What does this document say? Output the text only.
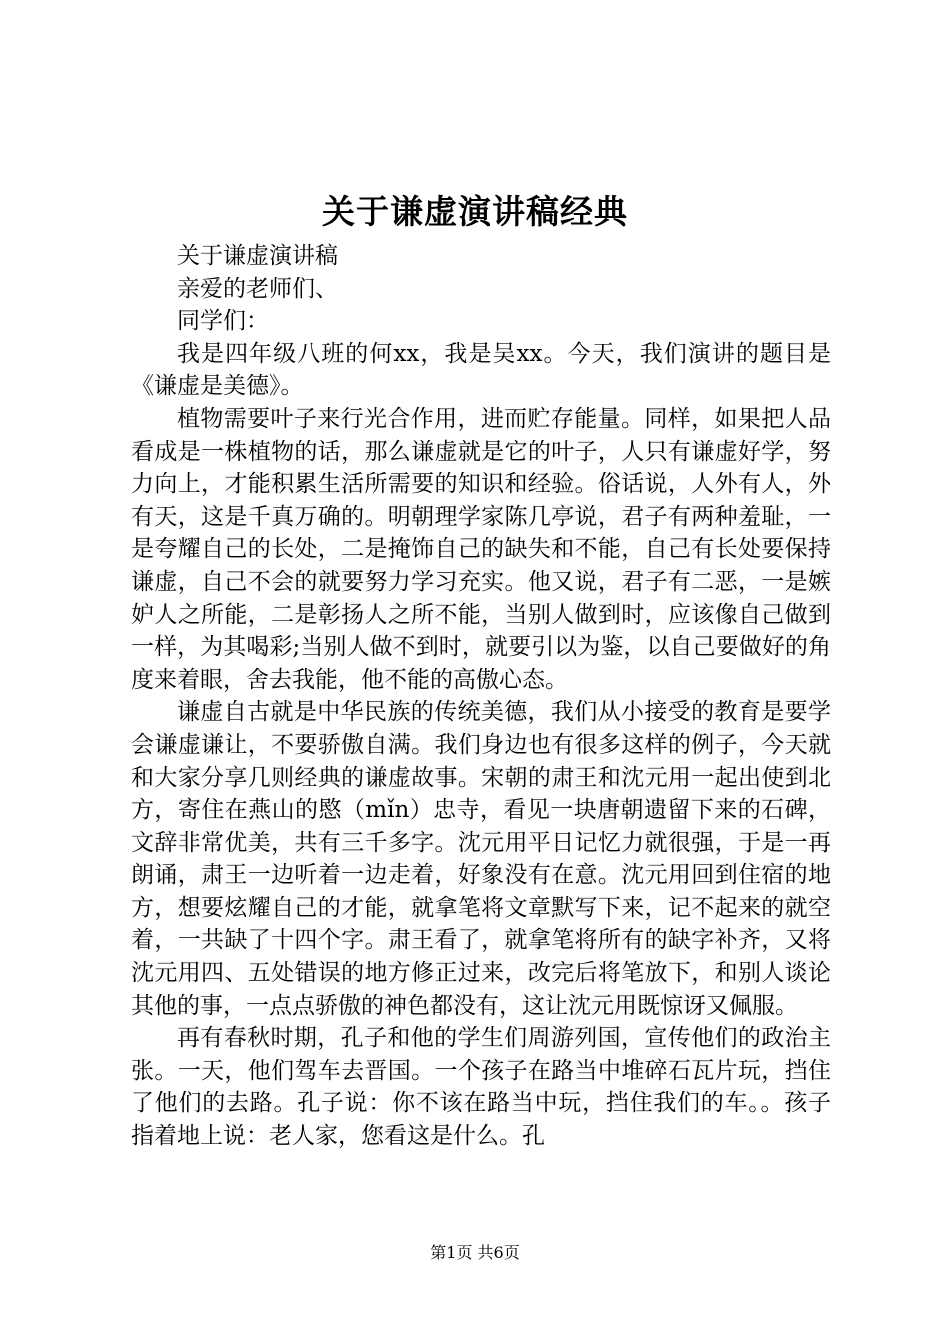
关于谦虚演讲稿经典

关于谦虚演讲稿

亲爱的老师们、

同学们：

我是四年级八班的何xx，我是吴xx。今天，我们演讲的题目是《谦虚是美德》。

植物需要叶子来行光合作用，进而贮存能量。同样，如果把人品看成是一株植物的话，那么谦虚就是它的叶子，人只有谦虚好学，努力向上，才能积累生活所需要的知识和经验。俗话说，人外有人，外有天，这是千真万确的。明朝理学家陈几亭说，君子有两种羞耻，一是夸耀自己的长处，二是掩饰自己的缺失和不能，自己有长处要保持谦虚，自己不会的就要努力学习充实。他又说，君子有二恶，一是嫉妒人之所能，二是彰扬人之所不能，当别人做到时，应该像自己做到一样，为其喝彩;当别人做不到时，就要引以为鉴，以自己要做好的角度来着眼，舍去我能，他不能的高傲心态。

谦虚自古就是中华民族的传统美德，我们从小接受的教育是要学会谦虚谦让，不要骄傲自满。我们身边也有很多这样的例子，今天就和大家分享几则经典的谦虚故事。宋朝的肃王和沈元用一起出使到北方，寄住在燕山的愍（mǐn）忠寺，看见一块唐朝遗留下来的石碑，文辞非常优美，共有三千多字。沈元用平日记忆力就很强，于是一再朗诵，肃王一边听着一边走着，好象没有在意。沈元用回到住宿的地方，想要炫耀自己的才能，就拿笔将文章默写下来，记不起来的就空着，一共缺了十四个字。肃王看了，就拿笔将所有的缺字补齐，又将沈元用四、五处错误的地方修正过来，改完后将笔放下，和别人谈论其他的事，一点点骄傲的神色都没有，这让沈元用既惊讶又佩服。

再有春秋时期，孔子和他的学生们周游列国，宣传他们的政治主张。一天，他们驾车去晋国。一个孩子在路当中堆碎石瓦片玩，挡住了他们的去路。孔子说：你不该在路当中玩，挡住我们的车。。孩子指着地上说：老人家，您看这是什么。孔

第1页 共6页
